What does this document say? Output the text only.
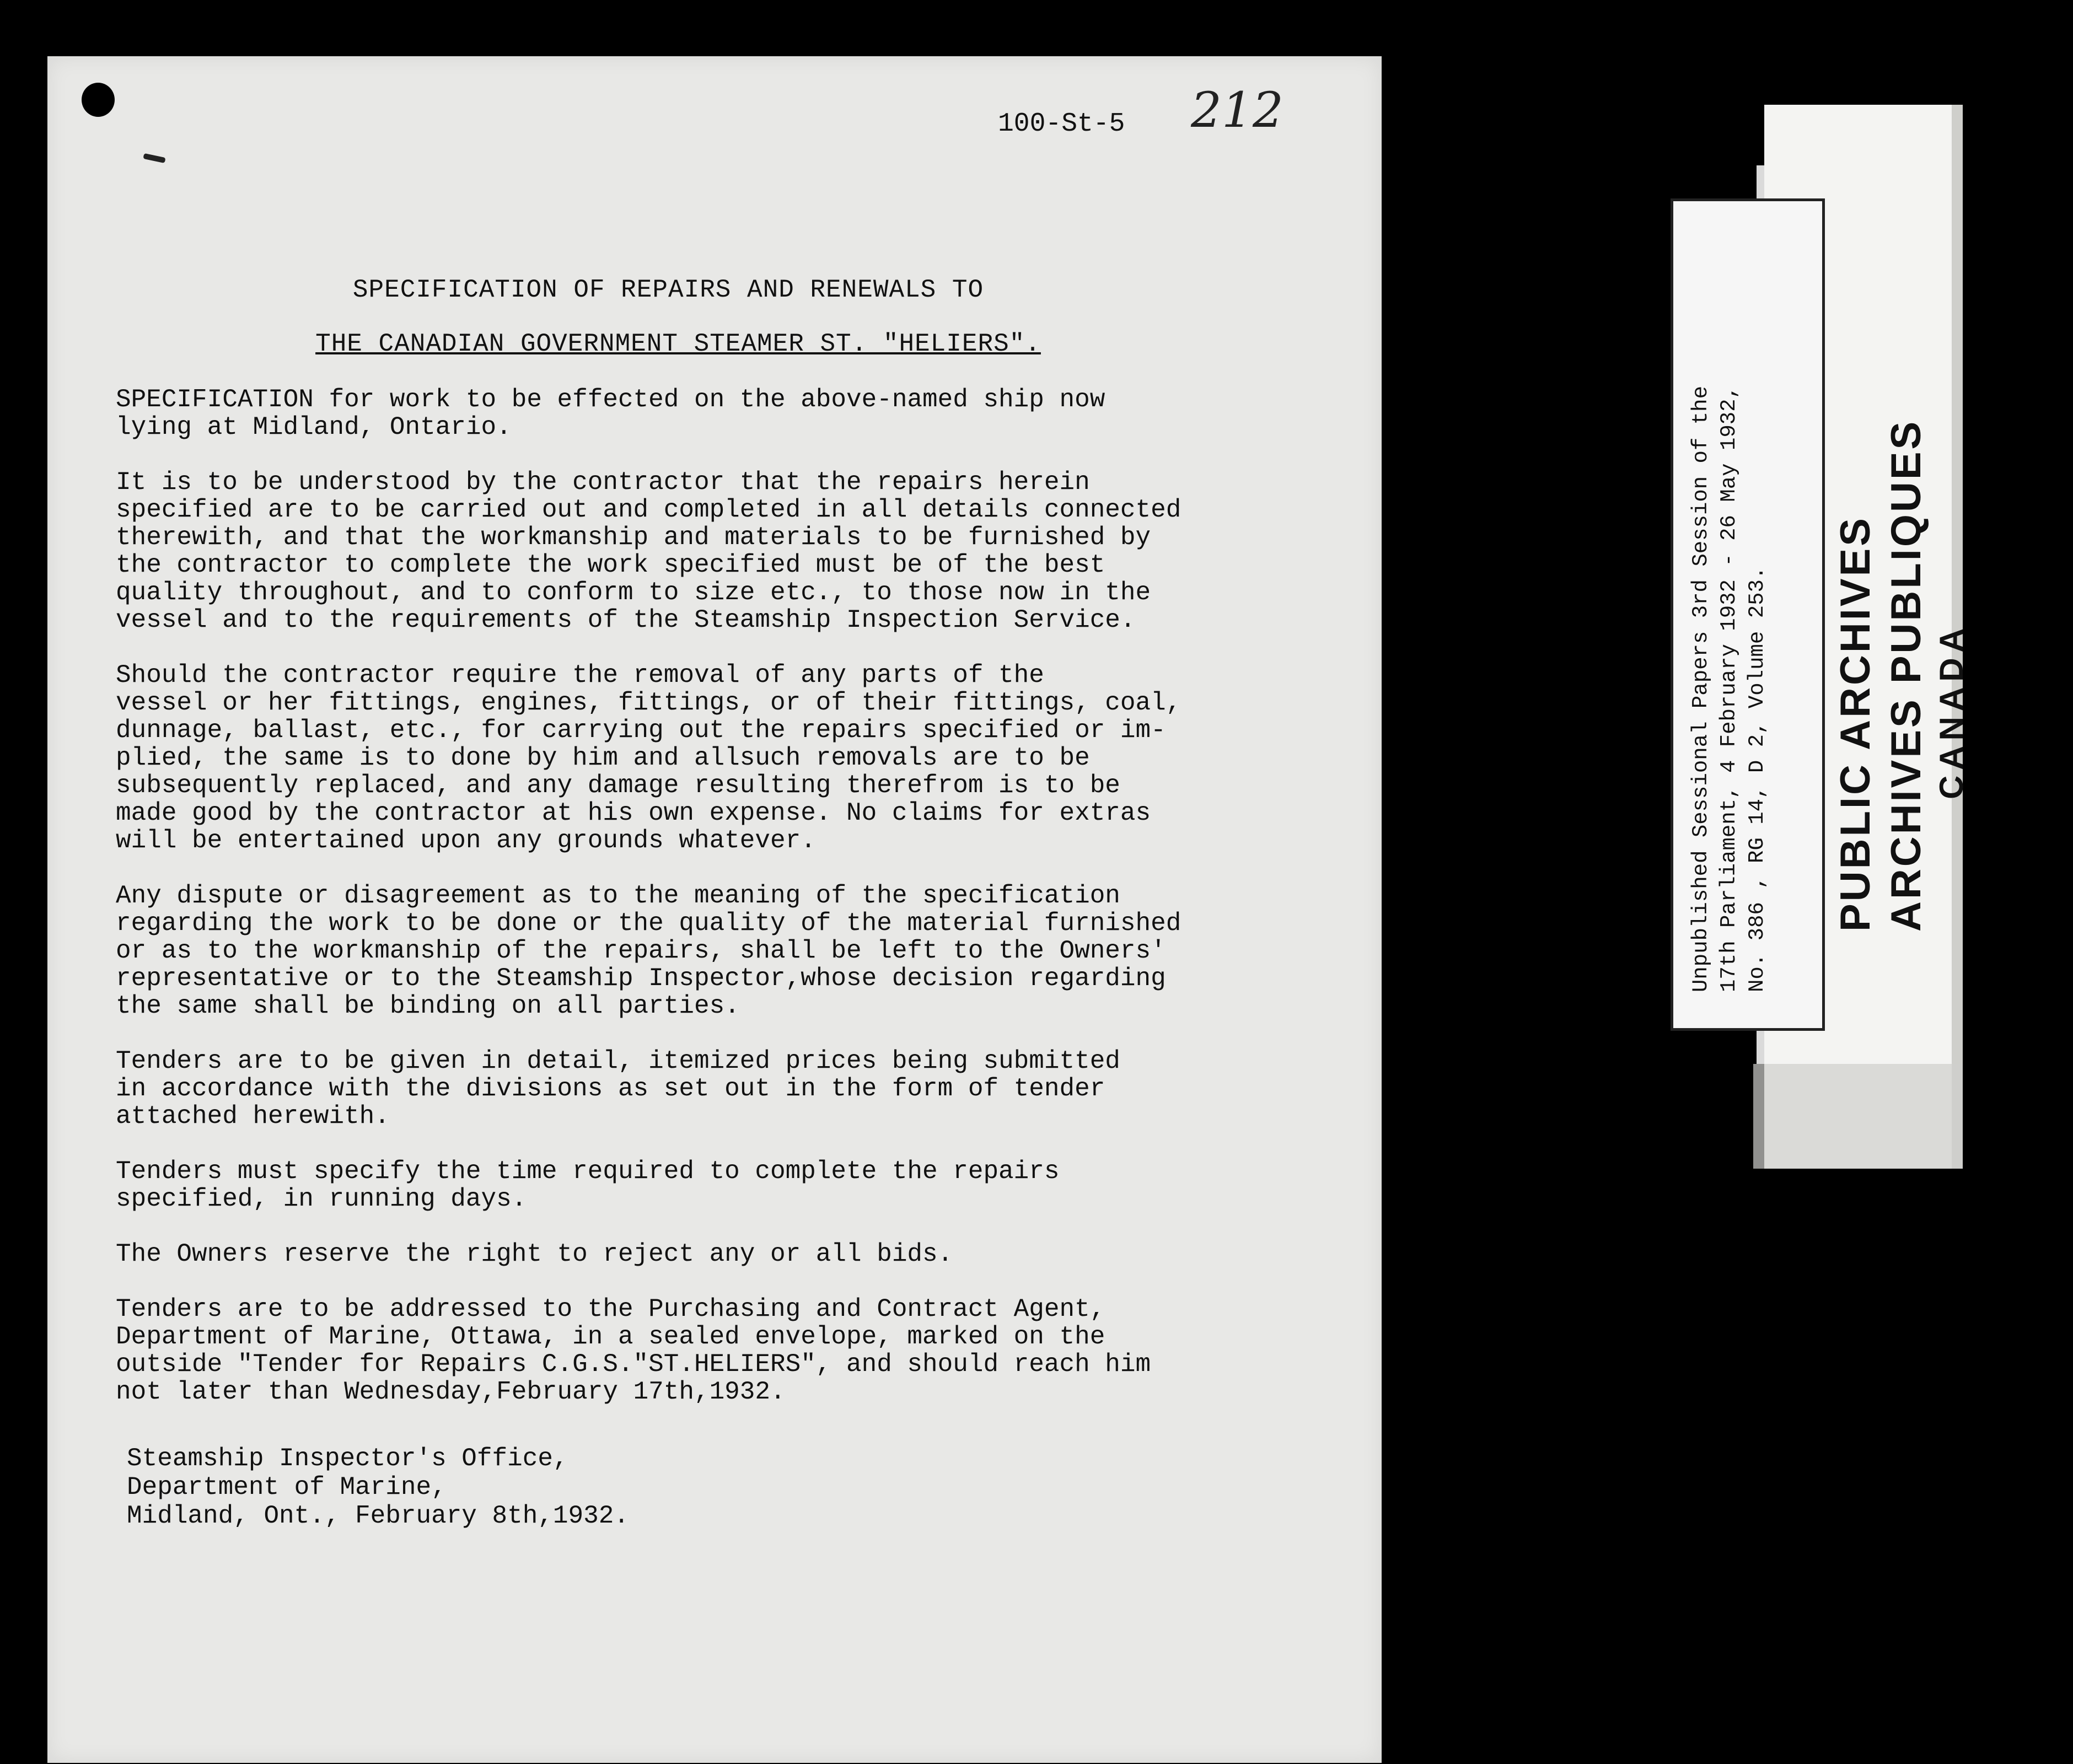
100-St-5 212
SPECIFICATION OF REPAIRS AND RENEWALS TO
THE CANADIAN GOVERNMENT STEAMER ST. "HELIERS".

SPECIFICATION for work to be effected on the above-named ship now
lying at Midland, Ontario.

It is to be understood by the contractor that the repairs herein
specified are to be carried out and completed in all details connected
therewith, and that the workmanship and materials to be furnished by
the contractor to complete the work specified must be of the best
quality throughout, and to conform to size etc., to those now in the
vessel and to the requirements of the Steamship Inspection Service.

Should the contractor require the removal of any parts of the
vessel or her fittings, engines, fittings, or of their fittings, coal,
dunnage, ballast, etc., for carrying out the repairs specified or im-
plied, the same is to done by him and allsuch removals are to be
subsequently replaced, and any damage resulting therefrom is to be
made good by the contractor at his own expense. No claims for extras
will be entertained upon any grounds whatever.

Any dispute or disagreement as to the meaning of the specification
regarding the work to be done or the quality of the material furnished
or as to the workmanship of the repairs, shall be left to the Owners'
representative or to the Steamship Inspector,whose decision regarding
the same shall be binding on all parties.

Tenders are to be given in detail, itemized prices being submitted
in accordance with the divisions as set out in the form of tender
attached herewith.

Tenders must specify the time required to complete the repairs
specified, in running days.

The Owners reserve the right to reject any or all bids.

Tenders are to be addressed to the Purchasing and Contract Agent,
Department of Marine, Ottawa, in a sealed envelope, marked on the
outside "Tender for Repairs C.G.S."ST.HELIERS", and should reach him
not later than Wednesday,February 17th,1932.

Steamship Inspector's Office,
Department of Marine,
Midland, Ont., February 8th,1932.
Unpublished Sessional Papers 3rd Session of the 17th Parliament, 4 February 1932 - 26 May 1932, No. 386 , RG 14, D 2, Volume 253. PUBLIC ARCHIVES ARCHIVES PUBLIQUES CANADA
